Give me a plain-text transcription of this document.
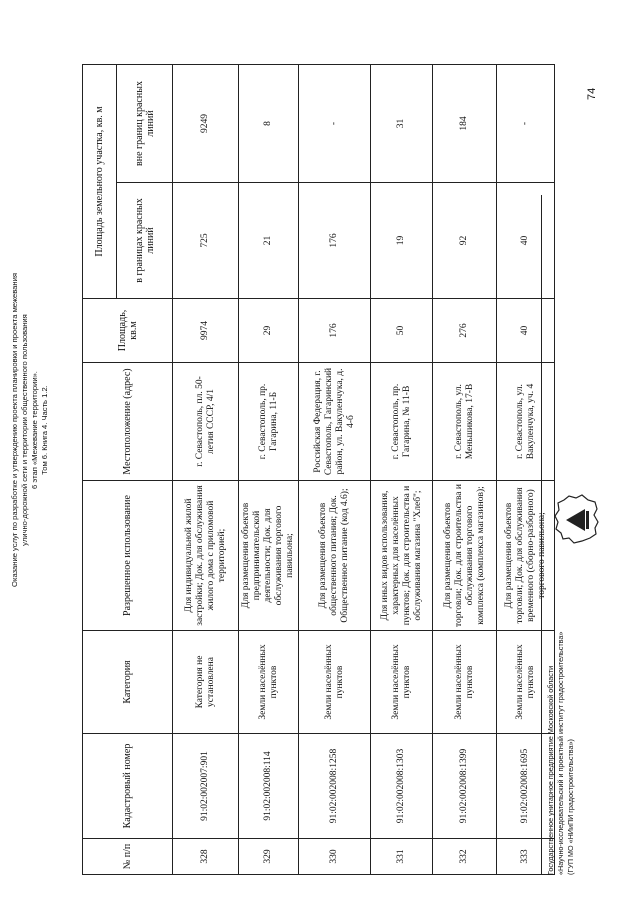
Оказание услуг по разработке и утверждению проекта планировки и проекта межевания улично-дорожной сети и территории общественного пользования 6 этап «Межевание территории». Том 6. Книга 4. Часть 1.2.
74
№ п/п	Кадастровый номер	Категория	Разрешенное использование	Местоположение (адрес)	Площадь, кв.м	Площадь земельного участка, кв. м	
						в границах красных линий	вне границ красных линий
328	91:02:002007:901	Категория не установлена	Для индивидуальной жилой застройки; Док. для обслуживания жилого дома с приломовой территорией;	г. Севастополь, пл. 50-летия СССР, 4/1	9974	725	9249
329	91:02:002008:114	Земли населённых пунктов	Для размещения объектов предпринимательской деятельности; Док. для обслуживания торгового павильона;	г. Севастополь, пр. Гагарина, 11-Б	29	21	8
330	91:02:002008:1258	Земли населённых пунктов	Для размещения объектов общественного питания; Док. Общественное питание (код 4.6);	Российская Федерация, г. Севастополь, Гагаринский район, ул. Вакуленчука, д. 4-б	176	176	-
331	91:02:002008:1303	Земли населённых пунктов	Для иных видов использования, характерных для населённых пунктов; Док. для строительства и обслуживания магазина "Хлеб";	г. Севастополь, пр. Гагарина, № 11-В	50	19	31
332	91:02:002008:1399	Земли населённых пунктов	Для размещения объектов торговли; Док. для строительства и обслуживания торгового комплекса (комплекса магазинов);	г. Севастополь, ул. Меньшикова, 17-В	276	92	184
333	91:02:002008:1695	Земли населённых пунктов	Для размещения объектов торговли; Док. для обслуживания временного (сборно-разборного) торгового павильона;	г. Севастополь, ул. Вакуленчука, уч. 4	40	40	-
Государственное унитарное предприятие Московской области «Научно-исследовательский и проектный институт градостроительства» (ГУП МО «НИиПИ градостроительства»)
